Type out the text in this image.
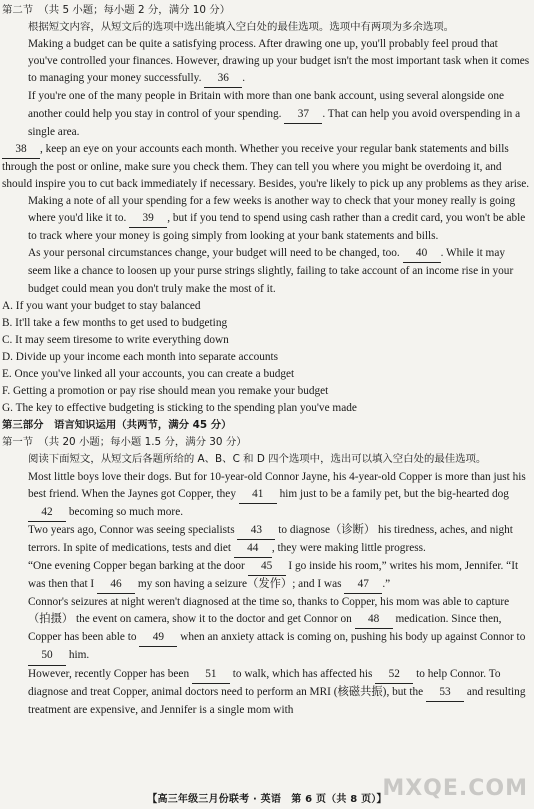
第二节　（共 5 小题；每小题 2 分，满分 10 分）
根据短文内容，从短文后的选项中选出能填入空白处的最佳选项。选项中有两项为多余选项。
Making a budget can be quite a satisfying process. After drawing one up, you'll probably feel proud that you've controlled your finances. However, drawing up your budget isn't the most important task when it comes to managing your money successfully. 36 .
If you're one of the many people in Britain with more than one bank account, using several alongside one another could help you stay in control of your spending. 37 . That can help you avoid overspending in a single area.
38 , keep an eye on your accounts each month. Whether you receive your regular bank statements and bills through the post or online, make sure you check them. They can tell you where you might be overdoing it, and should inspire you to cut back immediately if necessary. Besides, you're likely to pick up any problems as they arise.
Making a note of all your spending for a few weeks is another way to check that your money really is going where you'd like it to. 39 , but if you tend to spend using cash rather than a credit card, you won't be able to track where your money is going simply from looking at your bank statements and bills.
As your personal circumstances change, your budget will need to be changed, too. 40 . While it may seem like a chance to loosen up your purse strings slightly, failing to take account of an income rise in your budget could mean you don't truly make the most of it.
A. If you want your budget to stay balanced
B. It'll take a few months to get used to budgeting
C. It may seem tiresome to write everything down
D. Divide up your income each month into separate accounts
E. Once you've linked all your accounts, you can create a budget
F. Getting a promotion or pay rise should mean you remake your budget
G. The key to effective budgeting is sticking to the spending plan you've made
第三部分　语言知识运用（共两节，满分 45 分）
第一节　（共 20 小题；每小题 1.5 分，满分 30 分）
阅读下面短文，从短文后各题所给的 A、B、C 和 D 四个选项中，选出可以填入空白处的最佳选项。
Most little boys love their dogs. But for 10-year-old Connor Jayne, his 4-year-old Copper is more than just his best friend. When the Jaynes got Copper, they 41 him just to be a family pet, but the big-hearted dog 42 becoming so much more.
Two years ago, Connor was seeing specialists 43 to diagnose（诊断） his tiredness, aches, and night terrors. In spite of medications, tests and diet 44 , they were making little progress.
“One evening Copper began barking at the door 45 I go inside his room,” writes his mom, Jennifer. “It was then that I 46 my son having a seizure（发作）; and I was 47 .”
Connor's seizures at night weren't diagnosed at the time so, thanks to Copper, his mom was able to capture（拍摄） the event on camera, show it to the doctor and get Connor on 48 medication. Since then, Copper has been able to 49 when an anxiety attack is coming on, pushing his body up against Connor to 50 him.
However, recently Copper has been 51 to walk, which has affected his 52 to help Connor. To diagnose and treat Copper, animal doctors need to perform an MRI (核磁共振), but the 53 and resulting treatment are expensive, and Jennifer is a single mom with
【高三年级三月份联考 · 英语　第 6 页（共 8 页）】
MXQE.COM
